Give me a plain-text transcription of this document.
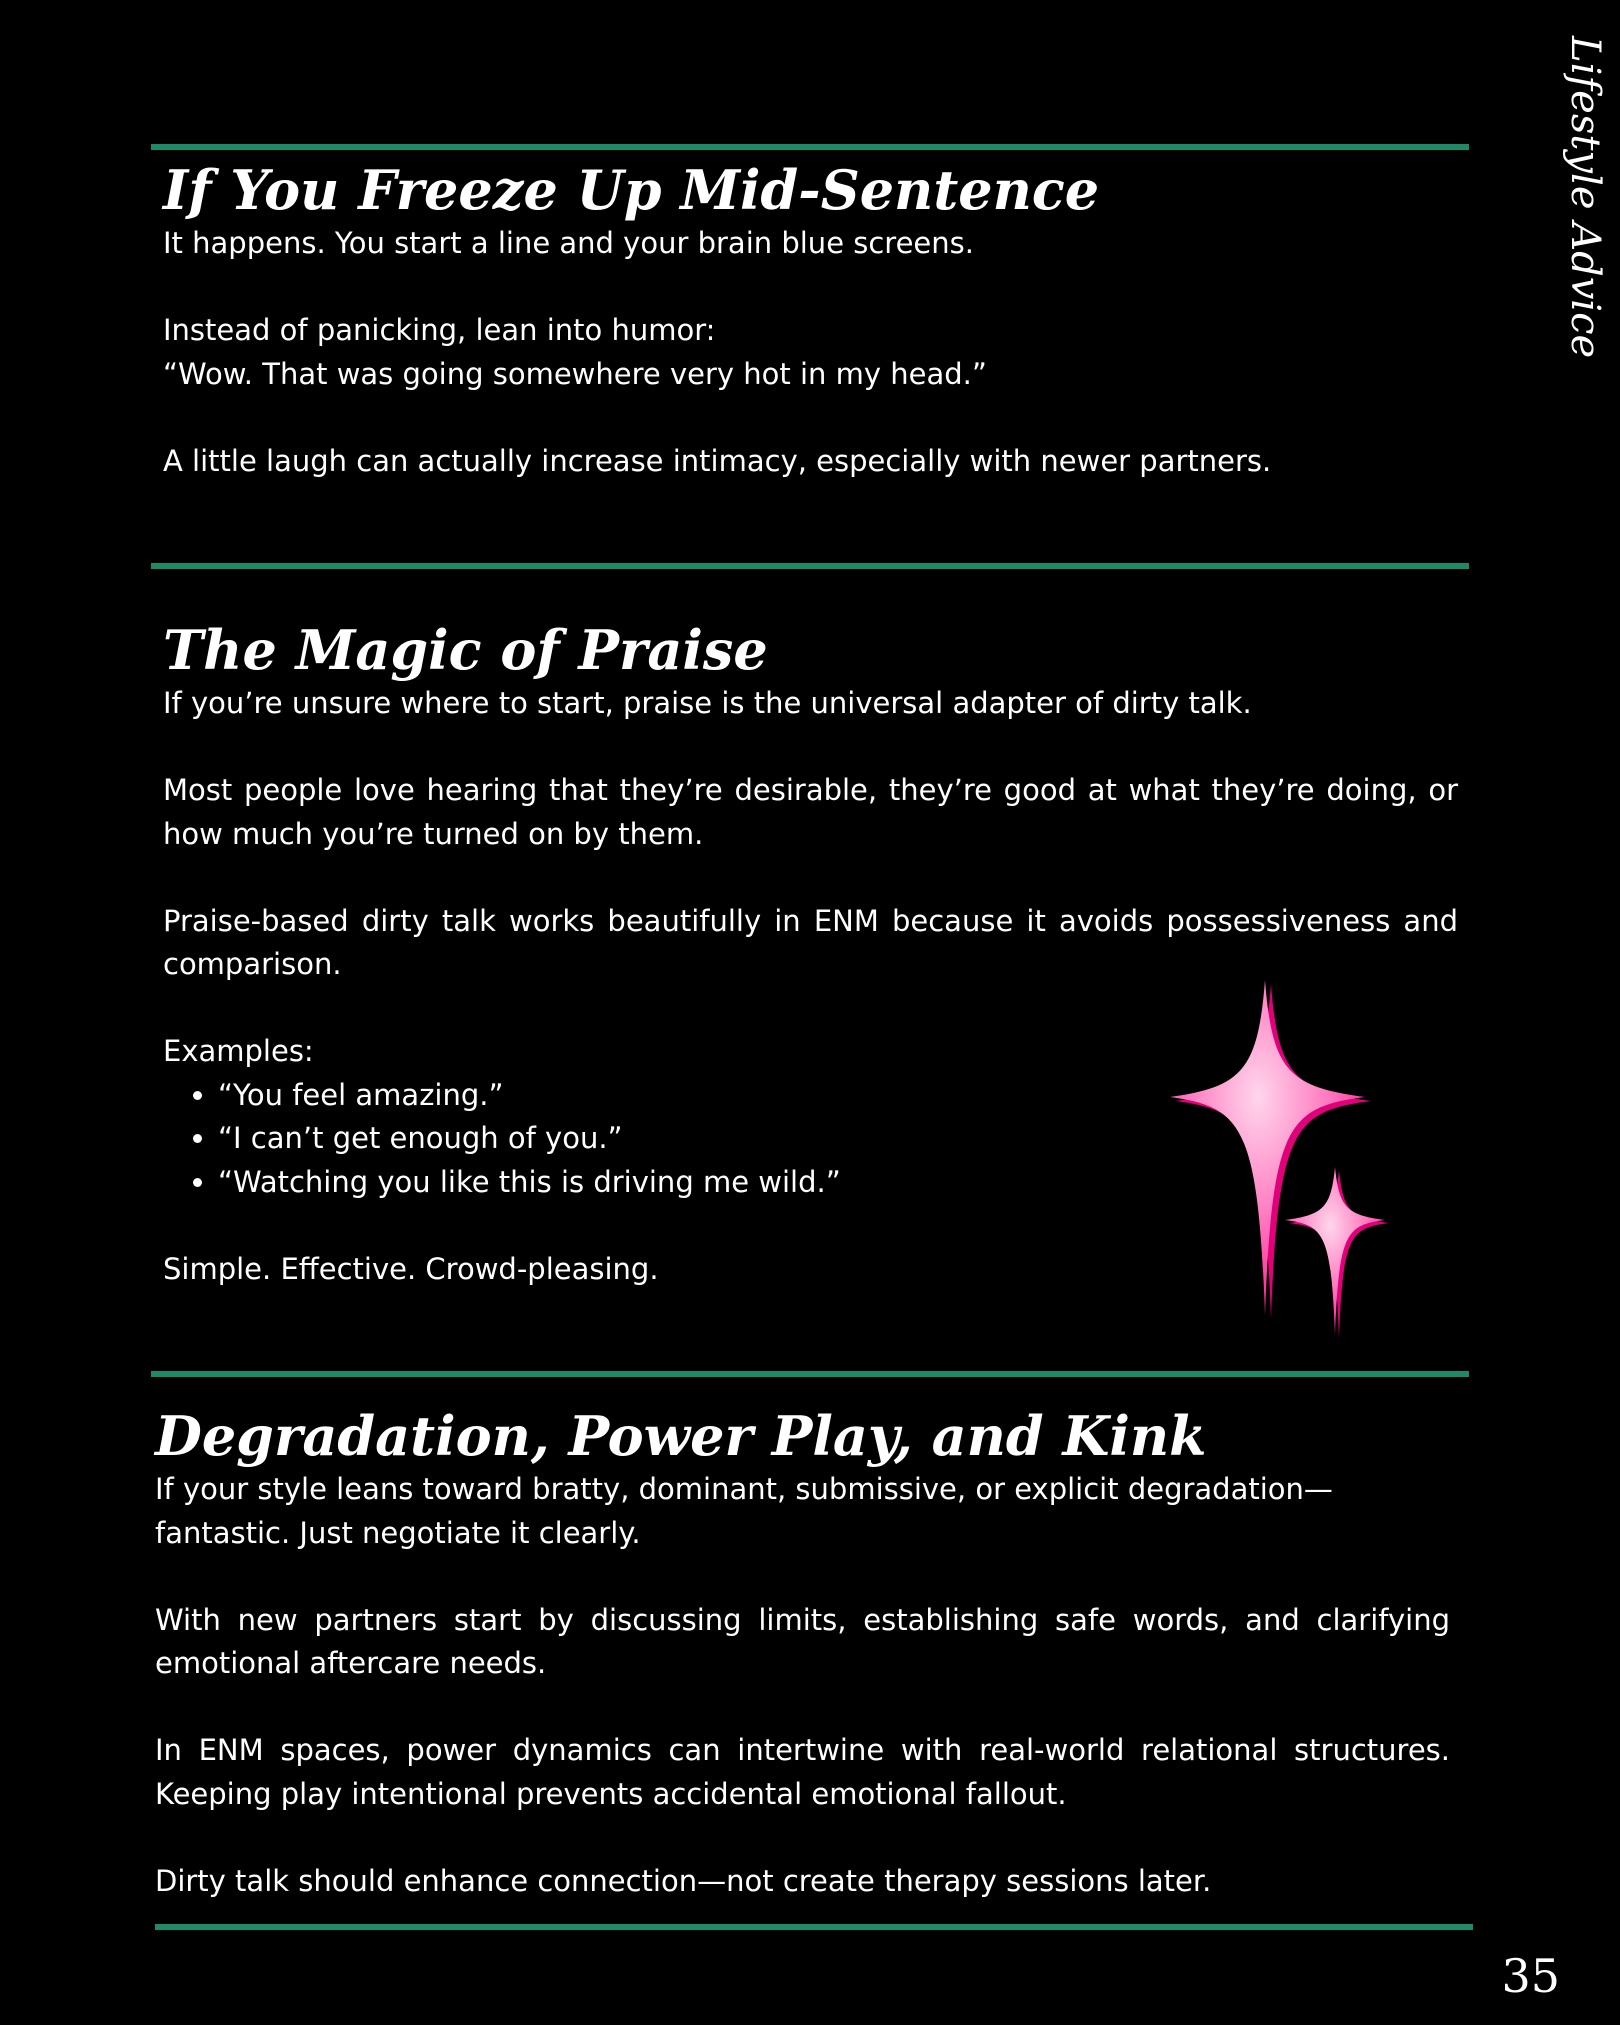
Lifestyle Advice
If You Freeze Up Mid-Sentence

It happens. You start a line and your brain blue screens.

Instead of panicking, lean into humor:
“Wow. That was going somewhere very hot in my head.”

A little laugh can actually increase intimacy, especially with newer partners.

The Magic of Praise

If you’re unsure where to start, praise is the universal adapter of dirty talk.

Most people love hearing that they’re desirable, they’re good at what they’re doing, or how much you’re turned on by them.

Praise-based dirty talk works beautifully in ENM because it avoids possessiveness and comparison.

Examples:

• “You feel amazing.”
• “I can’t get enough of you.”
• “Watching you like this is driving me wild.”

Simple. Effective. Crowd-pleasing.

Degradation, Power Play, and Kink

If your style leans toward bratty, dominant, submissive, or explicit degradation—fantastic. Just negotiate it clearly.

With new partners start by discussing limits, establishing safe words, and clarifying emotional aftercare needs.

In ENM spaces, power dynamics can intertwine with real-world relational structures. Keeping play intentional prevents accidental emotional fallout.

Dirty talk should enhance connection—not create therapy sessions later.

35
